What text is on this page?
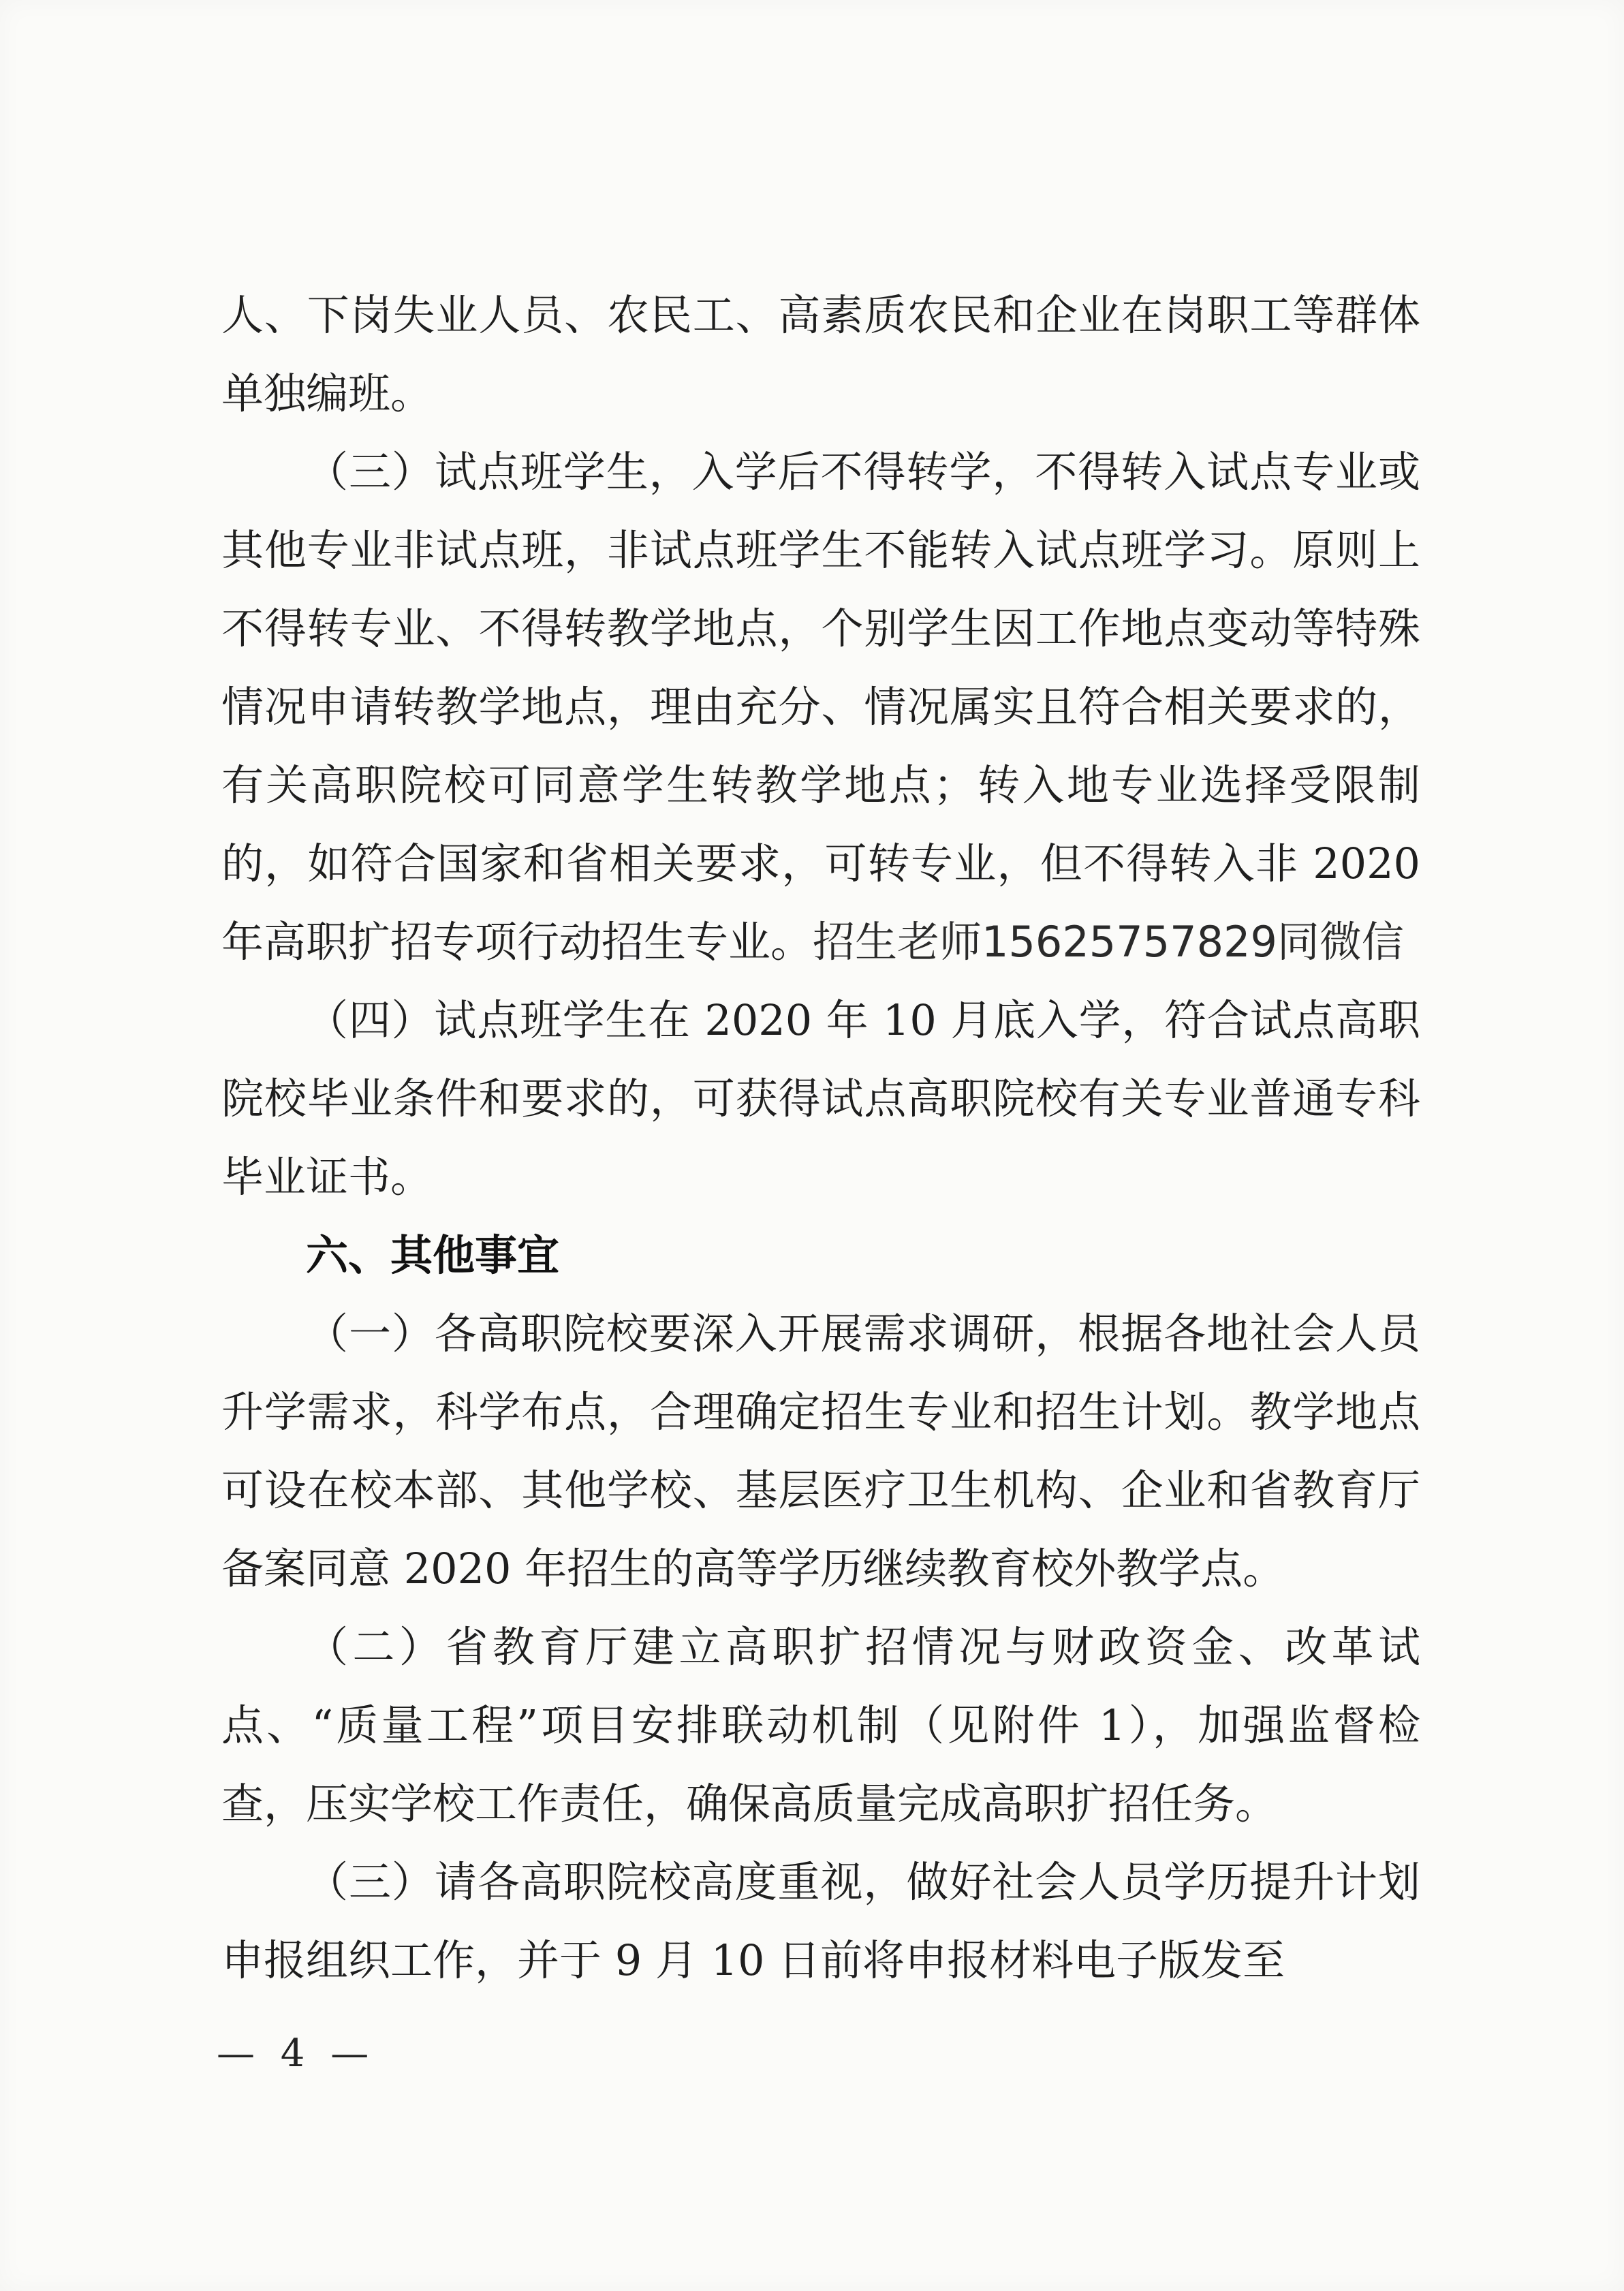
人、下岗失业人员、农民工、高素质农民和企业在岗职工等群体单独编班。

（三）试点班学生，入学后不得转学，不得转入试点专业或其他专业非试点班，非试点班学生不能转入试点班学习。原则上不得转专业、不得转教学地点，个别学生因工作地点变动等特殊情况申请转教学地点，理由充分、情况属实且符合相关要求的，有关高职院校可同意学生转教学地点；转入地专业选择受限制的，如符合国家和省相关要求，可转专业，但不得转入非 2020 年高职扩招专项行动招生专业。招生老师15625757829同微信

（四）试点班学生在 2020 年 10 月底入学，符合试点高职院校毕业条件和要求的，可获得试点高职院校有关专业普通专科毕业证书。

六、其他事宜

（一）各高职院校要深入开展需求调研，根据各地社会人员升学需求，科学布点，合理确定招生专业和招生计划。教学地点可设在校本部、其他学校、基层医疗卫生机构、企业和省教育厅备案同意 2020 年招生的高等学历继续教育校外教学点。

（二）省教育厅建立高职扩招情况与财政资金、改革试点、“质量工程”项目安排联动机制（见附件 1），加强监督检查，压实学校工作责任，确保高质量完成高职扩招任务。

（三）请各高职院校高度重视，做好社会人员学历提升计划申报组织工作，并于 9 月 10 日前将申报材料电子版发至

— 4 —
